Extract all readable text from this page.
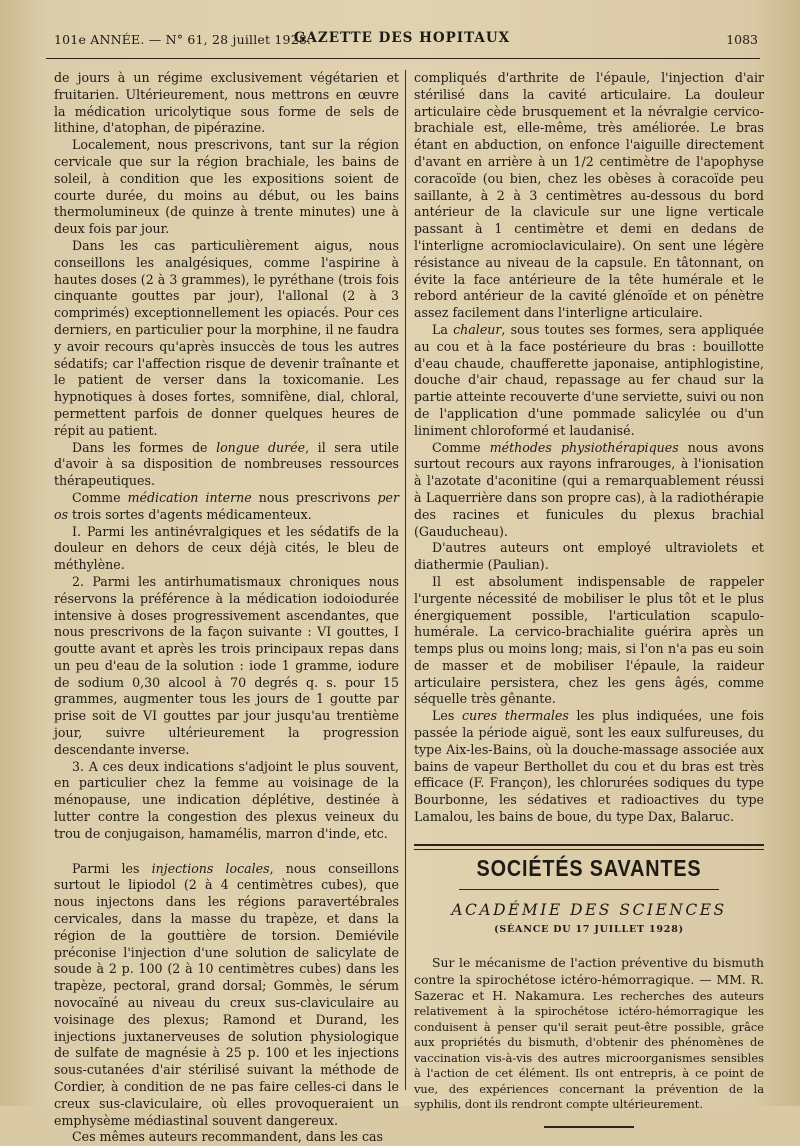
101e ANNÉE. — N° 61, 28 juillet 1928.
GAZETTE DES HOPITAUX	1083

de jours à un régime exclusivement végétarien et fruitarien. Ultérieurement, nous mettrons en œuvre la médication uricolytique sous forme de sels de lithine, d'atophan, de pipérazine.

Localement, nous prescrivons, tant sur la région cervicale que sur la région brachiale, les bains de soleil, à condition que les expositions soient de courte durée, du moins au début, ou les bains thermolumineux (de quinze à trente minutes) une à deux fois par jour.

Dans les cas particulièrement aigus, nous conseillons les analgésiques, comme l'aspirine à hautes doses (2 à 3 grammes), le pyréthane (trois fois cinquante gouttes par jour), l'allonal (2 à 3 comprimés) exceptionnellement les opiacés. Pour ces derniers, en particulier pour la morphine, il ne faudra y avoir recours qu'après insuccès de tous les autres sédatifs; car l'affection risque de devenir traînante et le patient de verser dans la toxicomanie. Les hypnotiques à doses fortes, somnifène, dial, chloral, permettent parfois de donner quelques heures de répit au patient.

Dans les formes de longue durée, il sera utile d'avoir à sa disposition de nombreuses ressources thérapeutiques.

Comme médication interne nous prescrivons per os trois sortes d'agents médicamenteux.

I. Parmi les antinévralgiques et les sédatifs de la douleur en dehors de ceux déjà cités, le bleu de méthylène.

2. Parmi les antirhumatismaux chroniques nous réservons la préférence à la médication iodoiodurée intensive à doses progressivement ascendantes, que nous prescrivons de la façon suivante : VI gouttes, I goutte avant et après les trois principaux repas dans un peu d'eau de la solution : iode 1 gramme, iodure de sodium 0,30 alcool à 70 degrés q. s. pour 15 grammes, augmenter tous les jours de 1 goutte par prise soit de VI gouttes par jour jusqu'au trentième jour, suivre ultérieurement la progression descendante inverse.

3. A ces deux indications s'adjoint le plus souvent, en particulier chez la femme au voisinage de la ménopause, une indication déplétive, destinée à lutter contre la congestion des plexus veineux du trou de conjugaison, hamamélis, marron d'inde, etc.

Parmi les injections locales, nous conseillons surtout le lipiodol (2 à 4 centimètres cubes), que nous injectons dans les régions paravertébrales cervicales, dans la masse du trapèze, et dans la région de la gouttière de torsion. Demiévile préconise l'injection d'une solution de salicylate de soude à 2 p. 100 (2 à 10 centimètres cubes) dans les trapèze, pectoral, grand dorsal; Gommès, le sérum novocaïné au niveau du creux sus-claviculaire au voisinage des plexus; Ramond et Durand, les injections juxtanerveuses de solution physiologique de sulfate de magnésie à 25 p. 100 et les injections sous-cutanées d'air stérilisé suivant la méthode de Cordier, à condition de ne pas faire celles-ci dans le creux sus-claviculaire, où elles provoqueraient un emphysème médiastinal souvent dangereux.

Ces mêmes auteurs recommandent, dans les cas

compliqués d'arthrite de l'épaule, l'injection d'air stérilisé dans la cavité articulaire. La douleur articulaire cède brusquement et la névralgie cervico-brachiale est, elle-même, très améliorée. Le bras étant en abduction, on enfonce l'aiguille directement d'avant en arrière à un 1/2 centimètre de l'apophyse coracoïde (ou bien, chez les obèses à coracoïde peu saillante, à 2 à 3 centimètres au-dessous du bord antérieur de la clavicule sur une ligne verticale passant à 1 centimètre et demi en dedans de l'interligne acromioclaviculaire). On sent une légère résistance au niveau de la capsule. En tâtonnant, on évite la face antérieure de la tête humérale et le rebord antérieur de la cavité glénoïde et on pénètre assez facilement dans l'interligne articulaire.

La chaleur, sous toutes ses formes, sera appliquée au cou et à la face postérieure du bras : bouillotte d'eau chaude, chaufferette japonaise, antiphlogistine, douche d'air chaud, repassage au fer chaud sur la partie atteinte recouverte d'une serviette, suivi ou non de l'application d'une pommade salicylée ou d'un liniment chloroformé et laudanisé.

Comme méthodes physiothérapiques nous avons surtout recours aux rayons infrarouges, à l'ionisation à l'azotate d'aconitine (qui a remarquablement réussi à Laquerrière dans son propre cas), à la radiothérapie des racines et funicules du plexus brachial (Gauducheau).

D'autres auteurs ont employé ultraviolets et diathermie (Paulian).

Il est absolument indispensable de rappeler l'urgente nécessité de mobiliser le plus tôt et le plus énergiquement possible, l'articulation scapulo-humérale. La cervico-brachialite guérira après un temps plus ou moins long; mais, si l'on n'a pas eu soin de masser et de mobiliser l'épaule, la raideur articulaire persistera, chez les gens âgés, comme séquelle très gênante.

Les cures thermales les plus indiquées, une fois passée la période aiguë, sont les eaux sulfureuses, du type Aix-les-Bains, où la douche-massage associée aux bains de vapeur Berthollet du cou et du bras est très efficace (F. Françon), les chlorurées sodiques du type Bourbonne, les sédatives et radioactives du type Lamalou, les bains de boue, du type Dax, Balaruc.

SOCIÉTÉS SAVANTES
ACADÉMIE DES SCIENCES
(SÉANCE DU 17 JUILLET 1928)

Sur le mécanisme de l'action préventive du bismuth contre la spirochétose ictéro-hémorragique. — MM. R. Sazerac et H. Nakamura. Les recherches des auteurs relativement à la spirochétose ictéro-hémorragique les conduisent à penser qu'il serait peut-être possible, grâce aux propriétés du bismuth, d'obtenir des phénomènes de vaccination vis-à-vis des autres microorganismes sensibles à l'action de cet élément. Ils ont entrepris, à ce point de vue, des expériences concernant la prévention de la syphilis, dont ils rendront compte ultérieurement.
